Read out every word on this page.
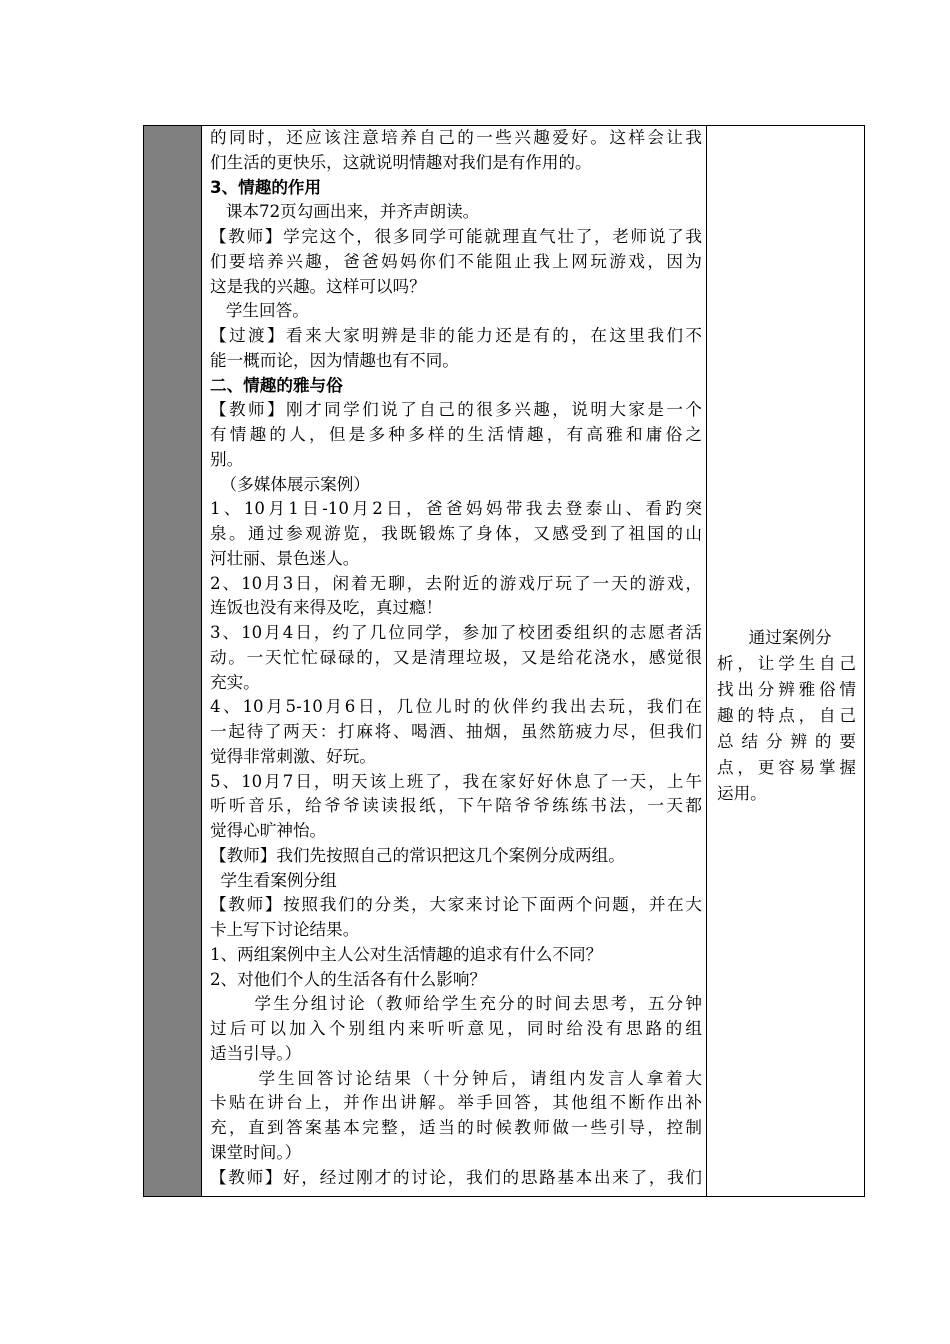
的同时，还应该注意培养自己的一些兴趣爱好。这样会让我
们生活的更快乐，这就说明情趣对我们是有作用的。
3、情趣的作用
课本72页勾画出来，并齐声朗读。
【教师】学完这个，很多同学可能就理直气壮了，老师说了我
们要培养兴趣，爸爸妈妈你们不能阻止我上网玩游戏，因为
这是我的兴趣。这样可以吗？
学生回答。
【过渡】看来大家明辨是非的能力还是有的，在这里我们不
能一概而论，因为情趣也有不同。
二、情趣的雅与俗
【教师】刚才同学们说了自己的很多兴趣，说明大家是一个
有情趣的人，但是多种多样的生活情趣，有高雅和庸俗之
别。
（多媒体展示案例）
1、10月1日-10月2日，爸爸妈妈带我去登泰山、看趵突
泉。通过参观游览，我既锻炼了身体，又感受到了祖国的山
河壮丽、景色迷人。
2、10月3日，闲着无聊，去附近的游戏厅玩了一天的游戏，
连饭也没有来得及吃，真过瘾！
3、10月4日，约了几位同学，参加了校团委组织的志愿者活
动。一天忙忙碌碌的，又是清理垃圾，又是给花浇水，感觉很
充实。
4、10月5-10月6日，几位儿时的伙伴约我出去玩，我们在
一起待了两天：打麻将、喝酒、抽烟，虽然筋疲力尽，但我们
觉得非常刺激、好玩。
5、10月7日，明天该上班了，我在家好好休息了一天，上午
听听音乐，给爷爷读读报纸，下午陪爷爷练练书法，一天都
觉得心旷神怡。
【教师】我们先按照自己的常识把这几个案例分成两组。
学生看案例分组
【教师】按照我们的分类，大家来讨论下面两个问题，并在大
卡上写下讨论结果。
1、两组案例中主人公对生活情趣的追求有什么不同？
2、对他们个人的生活各有什么影响？
学生分组讨论（教师给学生充分的时间去思考，五分钟
过后可以加入个别组内来听听意见，同时给没有思路的组
适当引导。）
学生回答讨论结果（十分钟后，请组内发言人拿着大
卡贴在讲台上，并作出讲解。举手回答，其他组不断作出补
充，直到答案基本完整，适当的时候教师做一些引导，控制
课堂时间。）
【教师】好，经过刚才的讨论，我们的思路基本出来了，我们
通过案例分
析，让学生自己
找出分辨雅俗情
趣的特点，自己
总结分辨的要
点，更容易掌握
运用。
